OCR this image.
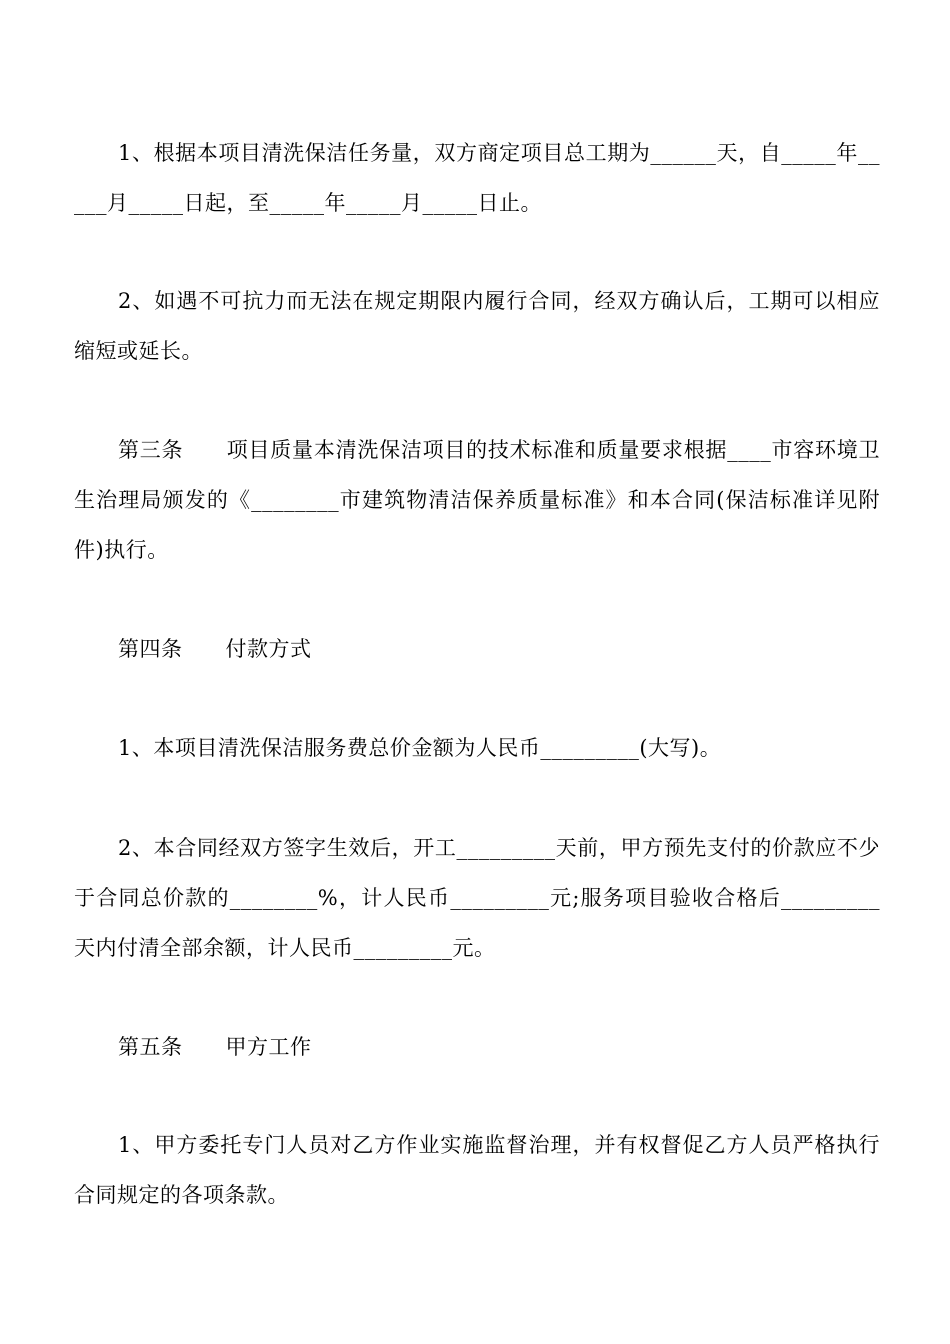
1、根据本项目清洗保洁任务量，双方商定项目总工期为______天，自_____年_____月_____日起，至_____年_____月_____日止。
2、如遇不可抗力而无法在规定期限内履行合同，经双方确认后，工期可以相应缩短或延长。
第三条　　项目质量本清洗保洁项目的技术标准和质量要求根据____市容环境卫生治理局颁发的《________市建筑物清洁保养质量标准》和本合同(保洁标准详见附件)执行。
第四条　　付款方式
1、本项目清洗保洁服务费总价金额为人民币_________(大写)。
2、本合同经双方签字生效后，开工_________天前，甲方预先支付的价款应不少于合同总价款的________%，计人民币_________元;服务项目验收合格后_________天内付清全部余额，计人民币_________元。
第五条　　甲方工作
1、甲方委托专门人员对乙方作业实施监督治理，并有权督促乙方人员严格执行合同规定的各项条款。
